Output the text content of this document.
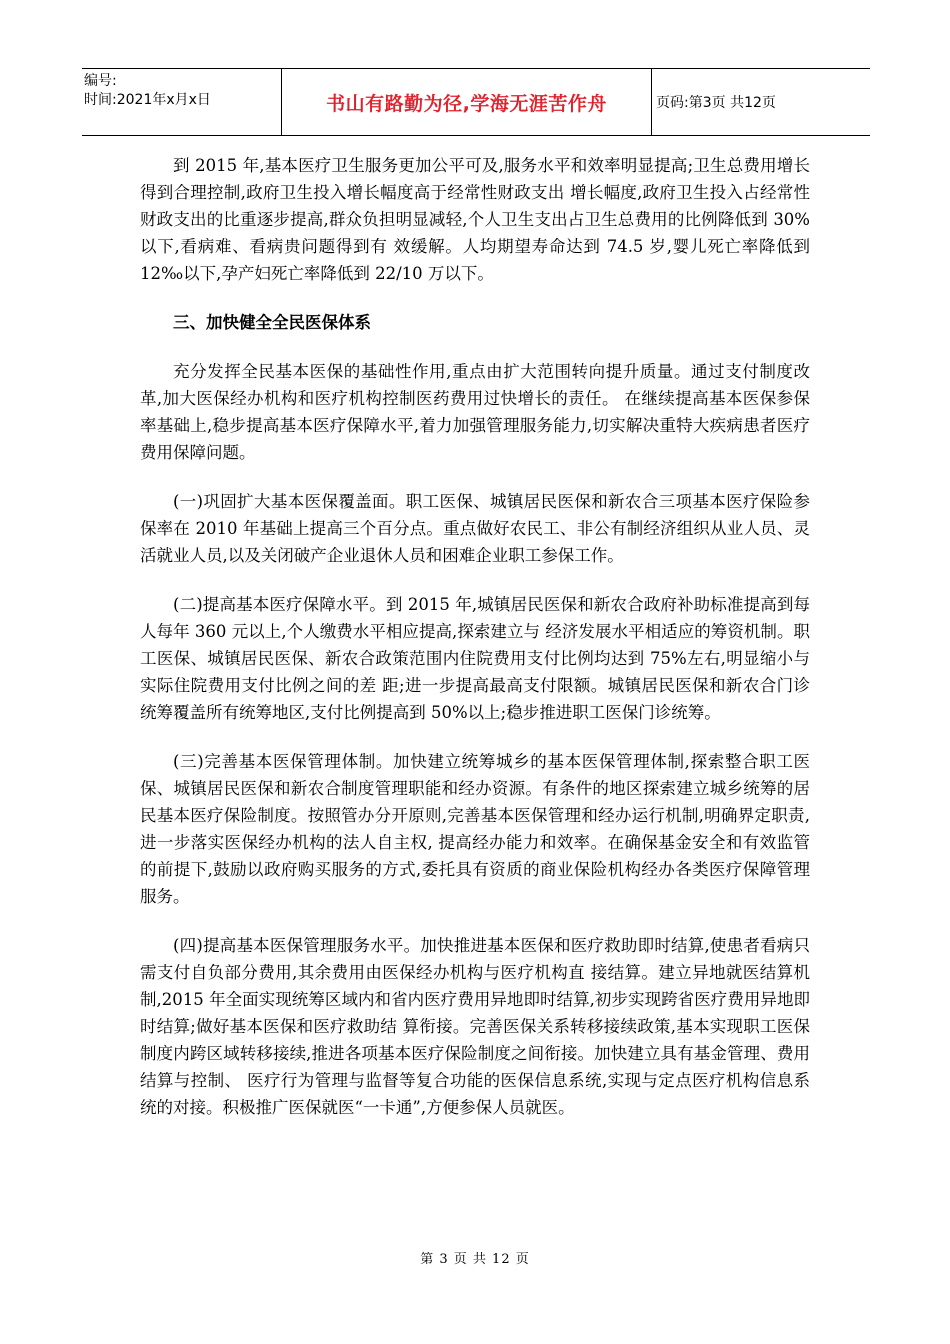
编号:
时间:2021年x月x日	书山有路勤为径,学海无涯苦作舟	页码:第3页 共12页

到 2015 年,基本医疗卫生服务更加公平可及,服务水平和效率明显提高;卫生总费用增长得到合理控制,政府卫生投入增长幅度高于经常性财政支出 增长幅度,政府卫生投入占经常性财政支出的比重逐步提高,群众负担明显减轻,个人卫生支出占卫生总费用的比例降低到 30%以下,看病难、看病贵问题得到有 效缓解。人均期望寿命达到 74.5 岁,婴儿死亡率降低到 12‰以下,孕产妇死亡率降低到 22/10 万以下。

三、加快健全全民医保体系

充分发挥全民基本医保的基础性作用,重点由扩大范围转向提升质量。通过支付制度改革,加大医保经办机构和医疗机构控制医药费用过快增长的责任。 在继续提高基本医保参保率基础上,稳步提高基本医疗保障水平,着力加强管理服务能力,切实解决重特大疾病患者医疗费用保障问题。

(一)巩固扩大基本医保覆盖面。职工医保、城镇居民医保和新农合三项基本医疗保险参保率在 2010 年基础上提高三个百分点。重点做好农民工、非公有制经济组织从业人员、灵活就业人员,以及关闭破产企业退休人员和困难企业职工参保工作。

(二)提高基本医疗保障水平。到 2015 年,城镇居民医保和新农合政府补助标准提高到每人每年 360 元以上,个人缴费水平相应提高,探索建立与 经济发展水平相适应的筹资机制。职工医保、城镇居民医保、新农合政策范围内住院费用支付比例均达到 75%左右,明显缩小与实际住院费用支付比例之间的差 距;进一步提高最高支付限额。城镇居民医保和新农合门诊统筹覆盖所有统筹地区,支付比例提高到 50%以上;稳步推进职工医保门诊统筹。

(三)完善基本医保管理体制。加快建立统筹城乡的基本医保管理体制,探索整合职工医保、城镇居民医保和新农合制度管理职能和经办资源。有条件的地区探索建立城乡统筹的居民基本医疗保险制度。按照管办分开原则,完善基本医保管理和经办运行机制,明确界定职责,进一步落实医保经办机构的法人自主权, 提高经办能力和效率。在确保基金安全和有效监管的前提下,鼓励以政府购买服务的方式,委托具有资质的商业保险机构经办各类医疗保障管理服务。

(四)提高基本医保管理服务水平。加快推进基本医保和医疗救助即时结算,使患者看病只需支付自负部分费用,其余费用由医保经办机构与医疗机构直 接结算。建立异地就医结算机制,2015 年全面实现统筹区域内和省内医疗费用异地即时结算,初步实现跨省医疗费用异地即时结算;做好基本医保和医疗救助结 算衔接。完善医保关系转移接续政策,基本实现职工医保制度内跨区域转移接续,推进各项基本医疗保险制度之间衔接。加快建立具有基金管理、费用结算与控制、 医疗行为管理与监督等复合功能的医保信息系统,实现与定点医疗机构信息系统的对接。积极推广医保就医“一卡通”,方便参保人员就医。

第 3 页 共 12 页
